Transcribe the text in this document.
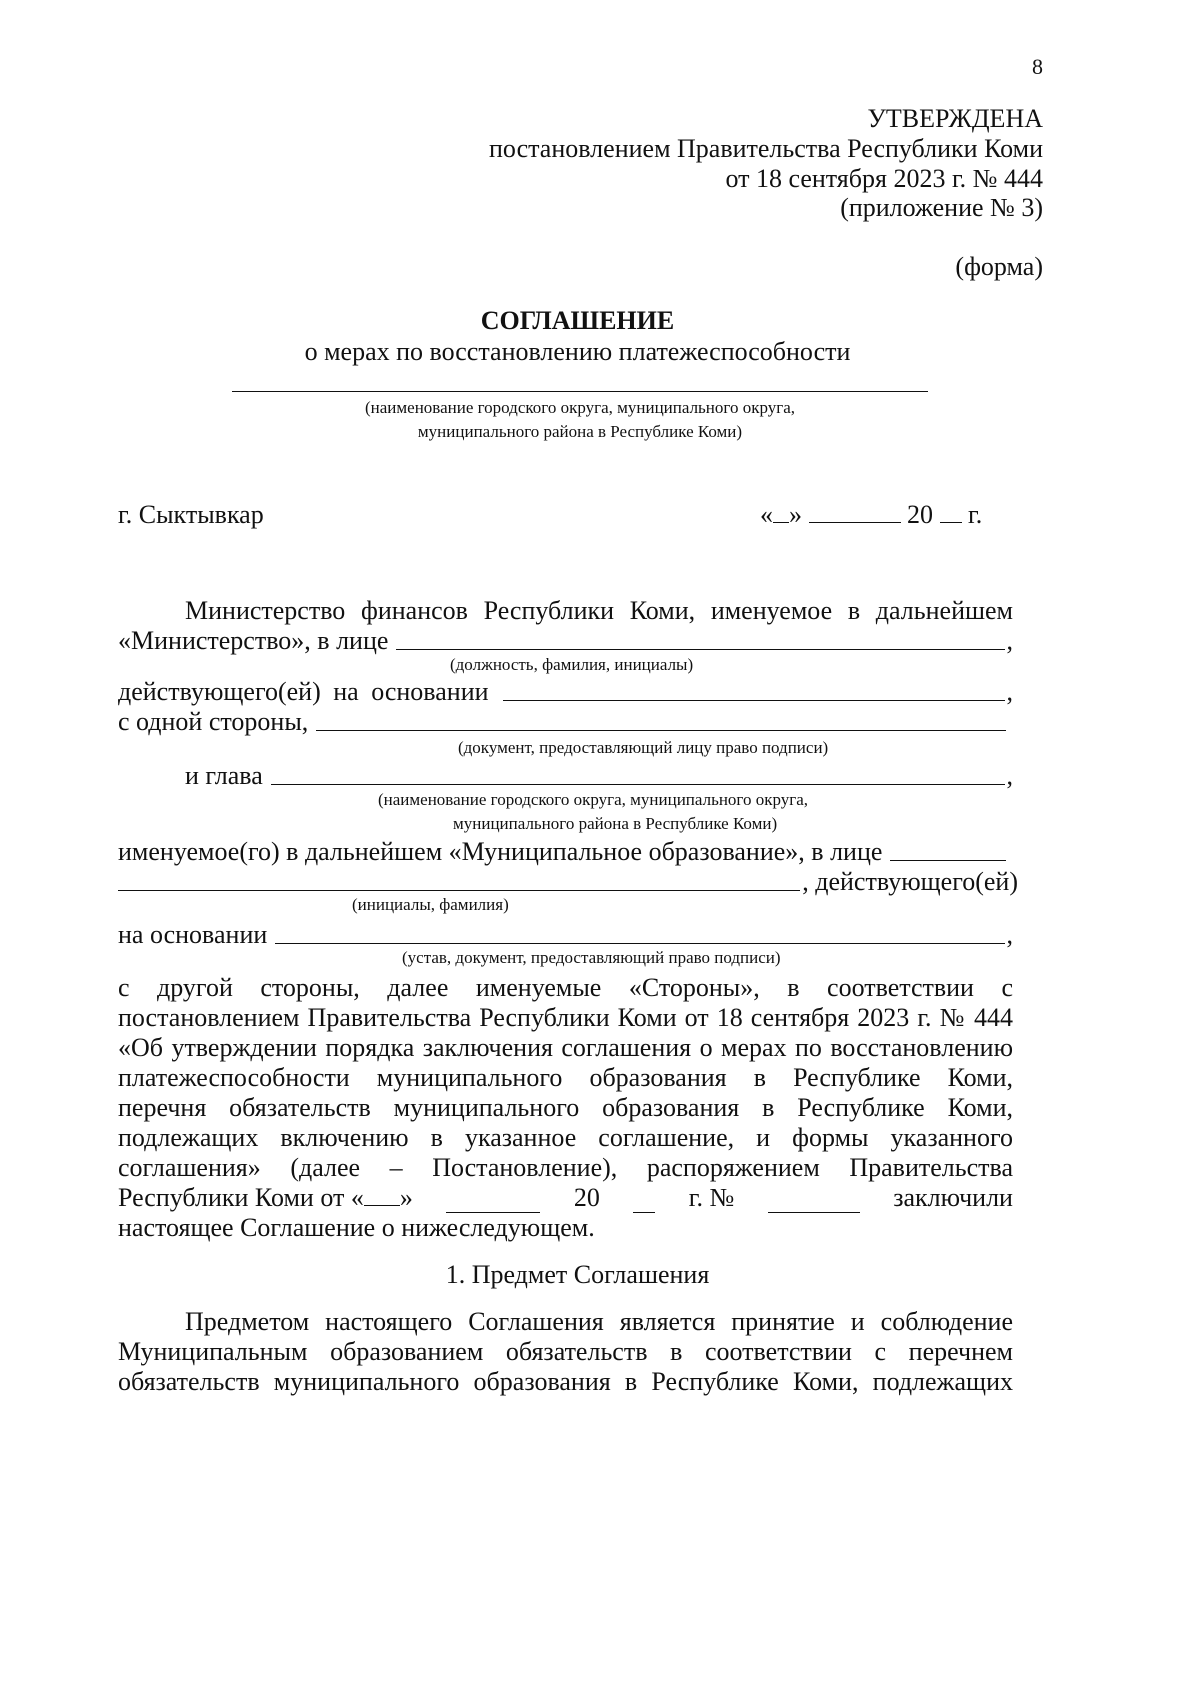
8
УТВЕРЖДЕНА
постановлением Правительства Республики Коми
от 18 сентября 2023 г. № 444
(приложение № 3)
(форма)
СОГЛАШЕНИЕ
о мерах по восстановлению платежеспособности
(наименование городского округа, муниципального округа,
муниципального района в Республике Коми)
г. Сыктывкар	« »	20 г.
Министерство финансов Республики Коми, именуемое в дальнейшем
«Министерство», в лице	,
(должность, фамилия, инициалы)
действующего(ей) на основании	,
с одной стороны,
(документ, предоставляющий лицу право подписи)
и глава	,
(наименование городского округа, муниципального округа,
муниципального района в Республике Коми)
именуемое(го) в дальнейшем «Муниципальное образование», в лице
, действующего(ей)
(инициалы, фамилия)
на основании	,
(устав, документ, предоставляющий право подписи)
с другой стороны, далее именуемые «Стороны», в соответствии с
постановлением Правительства Республики Коми от 18 сентября 2023 г. № 444
«Об утверждении порядка заключения соглашения о мерах по восстановлению
платежеспособности муниципального образования в Республике Коми,
перечня обязательств муниципального образования в Республике Коми,
подлежащих включению в указанное соглашение, и формы указанного
соглашения» (далее – Постановление), распоряжением Правительства
Республики Коми от « »	20	г. №	заключили
настоящее Соглашение о нижеследующем.
1. Предмет Соглашения
Предметом настоящего Соглашения является принятие и соблюдение
Муниципальным образованием обязательств в соответствии с перечнем
обязательств муниципального образования в Республике Коми, подлежащих
